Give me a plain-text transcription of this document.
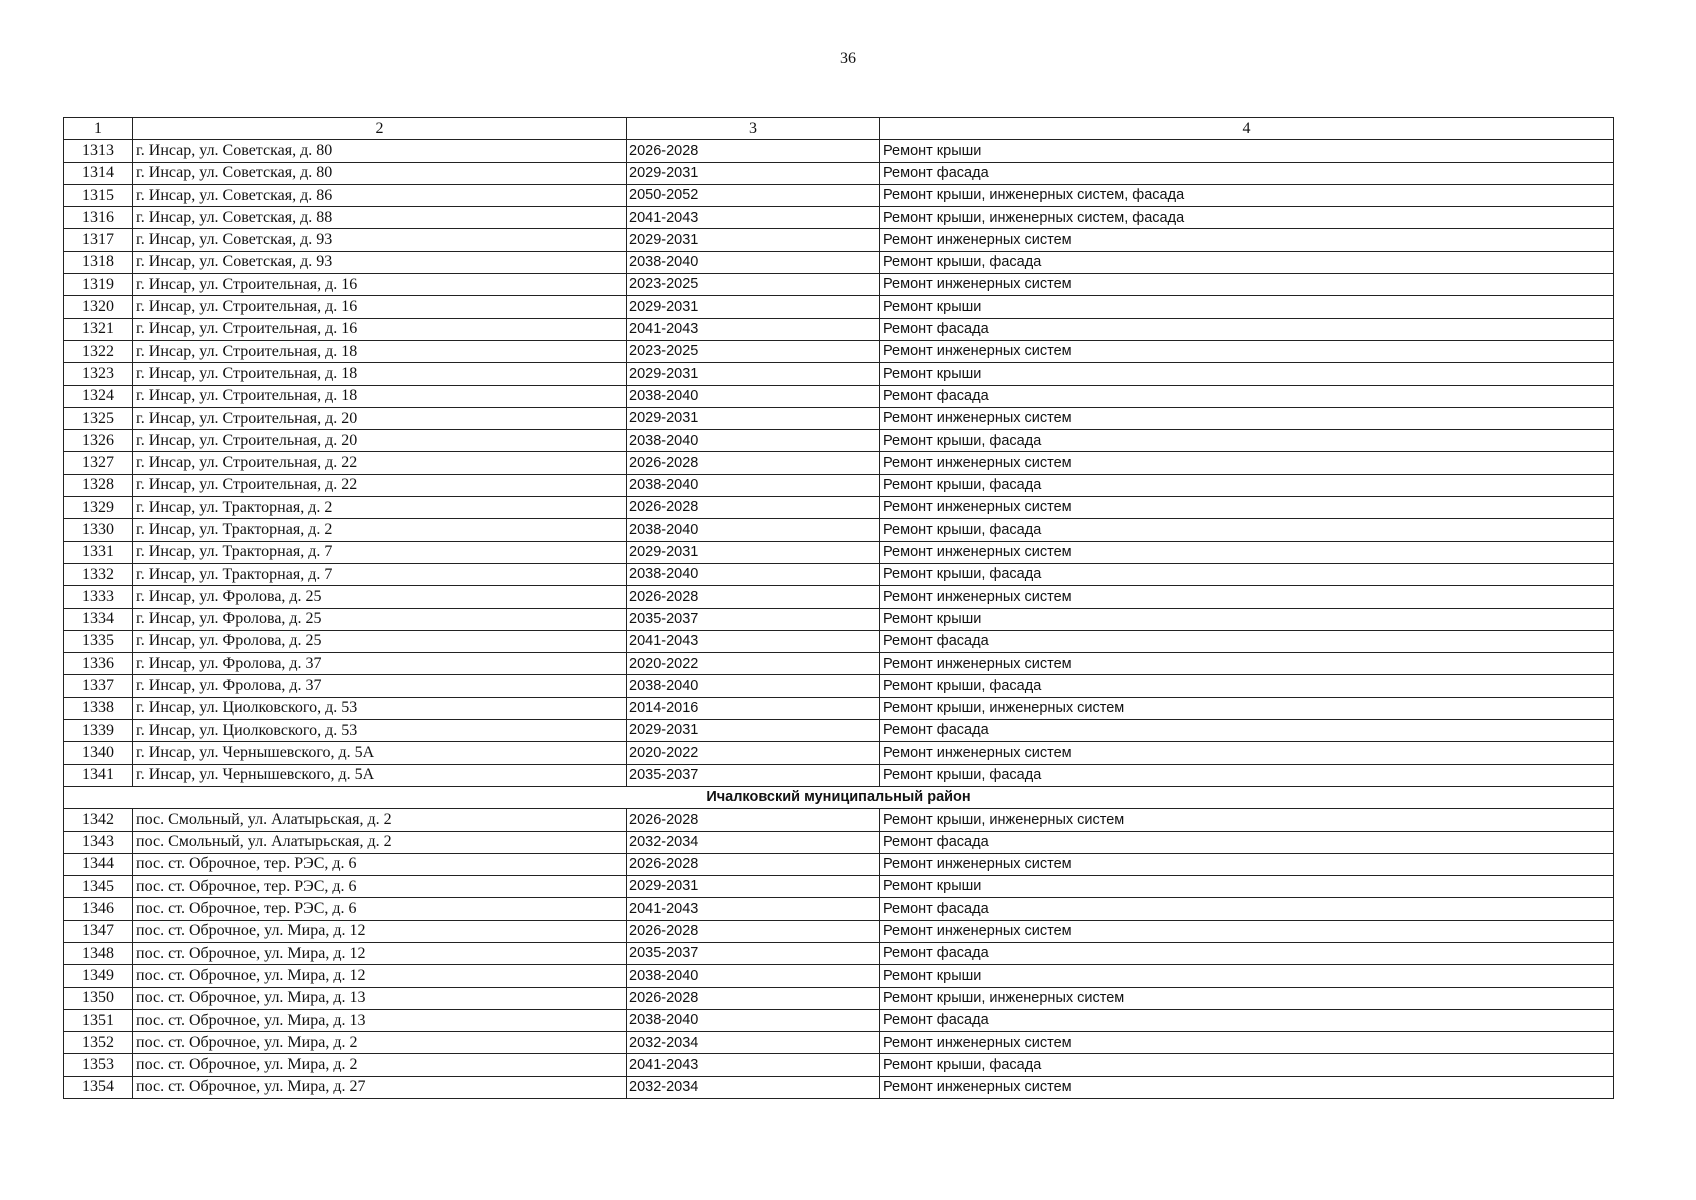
36
1	2	3	4
1313	г. Инсар, ул. Советская, д. 80	2026-2028	Ремонт крыши
1314	г. Инсар, ул. Советская, д. 80	2029-2031	Ремонт фасада
1315	г. Инсар, ул. Советская, д. 86	2050-2052	Ремонт крыши, инженерных систем, фасада
1316	г. Инсар, ул. Советская, д. 88	2041-2043	Ремонт крыши, инженерных систем, фасада
1317	г. Инсар, ул. Советская, д. 93	2029-2031	Ремонт инженерных систем
1318	г. Инсар, ул. Советская, д. 93	2038-2040	Ремонт крыши, фасада
1319	г. Инсар, ул. Строительная, д. 16	2023-2025	Ремонт инженерных систем
1320	г. Инсар, ул. Строительная, д. 16	2029-2031	Ремонт крыши
1321	г. Инсар, ул. Строительная, д. 16	2041-2043	Ремонт фасада
1322	г. Инсар, ул. Строительная, д. 18	2023-2025	Ремонт инженерных систем
1323	г. Инсар, ул. Строительная, д. 18	2029-2031	Ремонт крыши
1324	г. Инсар, ул. Строительная, д. 18	2038-2040	Ремонт фасада
1325	г. Инсар, ул. Строительная, д. 20	2029-2031	Ремонт инженерных систем
1326	г. Инсар, ул. Строительная, д. 20	2038-2040	Ремонт крыши, фасада
1327	г. Инсар, ул. Строительная, д. 22	2026-2028	Ремонт инженерных систем
1328	г. Инсар, ул. Строительная, д. 22	2038-2040	Ремонт крыши, фасада
1329	г. Инсар, ул. Тракторная, д. 2	2026-2028	Ремонт инженерных систем
1330	г. Инсар, ул. Тракторная, д. 2	2038-2040	Ремонт крыши, фасада
1331	г. Инсар, ул. Тракторная, д. 7	2029-2031	Ремонт инженерных систем
1332	г. Инсар, ул. Тракторная, д. 7	2038-2040	Ремонт крыши, фасада
1333	г. Инсар, ул. Фролова, д. 25	2026-2028	Ремонт инженерных систем
1334	г. Инсар, ул. Фролова, д. 25	2035-2037	Ремонт крыши
1335	г. Инсар, ул. Фролова, д. 25	2041-2043	Ремонт фасада
1336	г. Инсар, ул. Фролова, д. 37	2020-2022	Ремонт инженерных систем
1337	г. Инсар, ул. Фролова, д. 37	2038-2040	Ремонт крыши, фасада
1338	г. Инсар, ул. Циолковского, д. 53	2014-2016	Ремонт крыши, инженерных систем
1339	г. Инсар, ул. Циолковского, д. 53	2029-2031	Ремонт фасада
1340	г. Инсар, ул. Чернышевского, д. 5А	2020-2022	Ремонт инженерных систем
1341	г. Инсар, ул. Чернышевского, д. 5А	2035-2037	Ремонт крыши, фасада
Ичалковский муниципальный район			
1342	пос. Смольный, ул. Алатырьская, д. 2	2026-2028	Ремонт крыши, инженерных систем
1343	пос. Смольный, ул. Алатырьская, д. 2	2032-2034	Ремонт фасада
1344	пос. ст. Оброчное, тер. РЭС, д. 6	2026-2028	Ремонт инженерных систем
1345	пос. ст. Оброчное, тер. РЭС, д. 6	2029-2031	Ремонт крыши
1346	пос. ст. Оброчное, тер. РЭС, д. 6	2041-2043	Ремонт фасада
1347	пос. ст. Оброчное, ул. Мира, д. 12	2026-2028	Ремонт инженерных систем
1348	пос. ст. Оброчное, ул. Мира, д. 12	2035-2037	Ремонт фасада
1349	пос. ст. Оброчное, ул. Мира, д. 12	2038-2040	Ремонт крыши
1350	пос. ст. Оброчное, ул. Мира, д. 13	2026-2028	Ремонт крыши, инженерных систем
1351	пос. ст. Оброчное, ул. Мира, д. 13	2038-2040	Ремонт фасада
1352	пос. ст. Оброчное, ул. Мира, д. 2	2032-2034	Ремонт инженерных систем
1353	пос. ст. Оброчное, ул. Мира, д. 2	2041-2043	Ремонт крыши, фасада
1354	пос. ст. Оброчное, ул. Мира, д. 27	2032-2034	Ремонт инженерных систем
